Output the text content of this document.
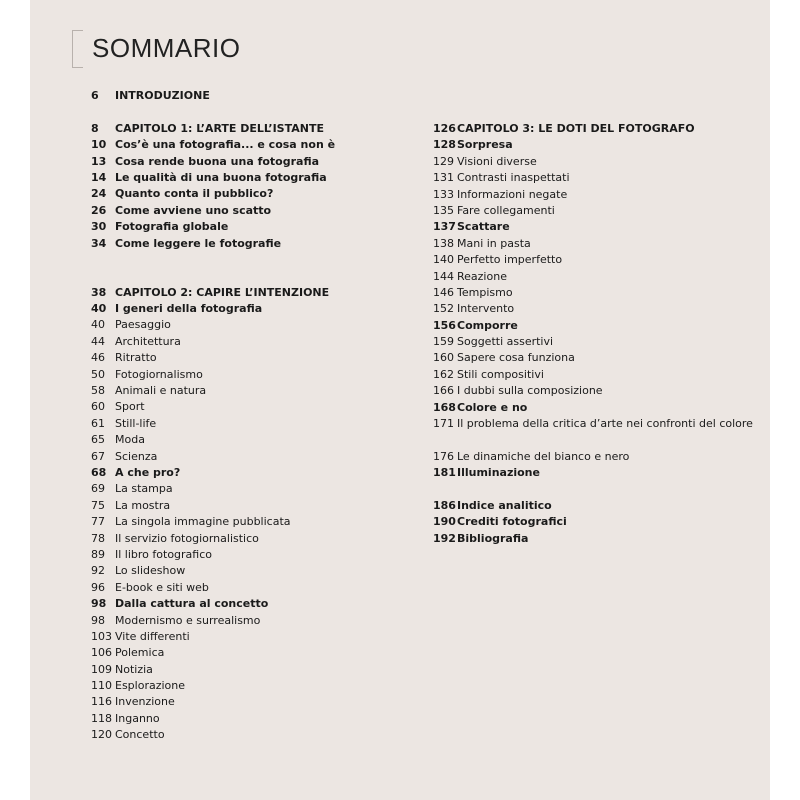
SOMMARIO
6	INTRODUZIONE
8	CAPITOLO 1: L’ARTE DELL’ISTANTE
10 Cos’è una fotografia... e cosa non è
13 Cosa rende buona una fotografia
14 Le qualità di una buona fotografia
24 Quanto conta il pubblico?
26 Come avviene uno scatto
30 Fotografia globale
34 Come leggere le fotografie
38 CAPITOLO 2: CAPIRE L’INTENZIONE
40 I generi della fotografia
40 Paesaggio
44 Architettura
46 Ritratto
50 Fotogiornalismo
58 Animali e natura
60 Sport
61 Still-life
65 Moda
67 Scienza
68 A che pro?
69 La stampa
75 La mostra
77 La singola immagine pubblicata
78 Il servizio fotogiornalistico
89 Il libro fotografico
92 Lo slideshow
96 E-book e siti web
98 Dalla cattura al concetto
98 Modernismo e surrealismo
103 Vite differenti
106 Polemica
109 Notizia
110 Esplorazione
116 Invenzione
118 Inganno
120 Concetto
126 CAPITOLO 3: LE DOTI DEL FOTOGRAFO
128 Sorpresa
129 Visioni diverse
131 Contrasti inaspettati
133 Informazioni negate
135 Fare collegamenti
137 Scattare
138 Mani in pasta
140 Perfetto imperfetto
144 Reazione
146 Tempismo
152 Intervento
156 Comporre
159 Soggetti assertivi
160 Sapere cosa funziona
162 Stili compositivi
166 I dubbi sulla composizione
168 Colore e no
171 Il problema della critica d’arte nei confronti del colore
176 Le dinamiche del bianco e nero
181 Illuminazione
186 Indice analitico
190 Crediti fotografici
192 Bibliografia
